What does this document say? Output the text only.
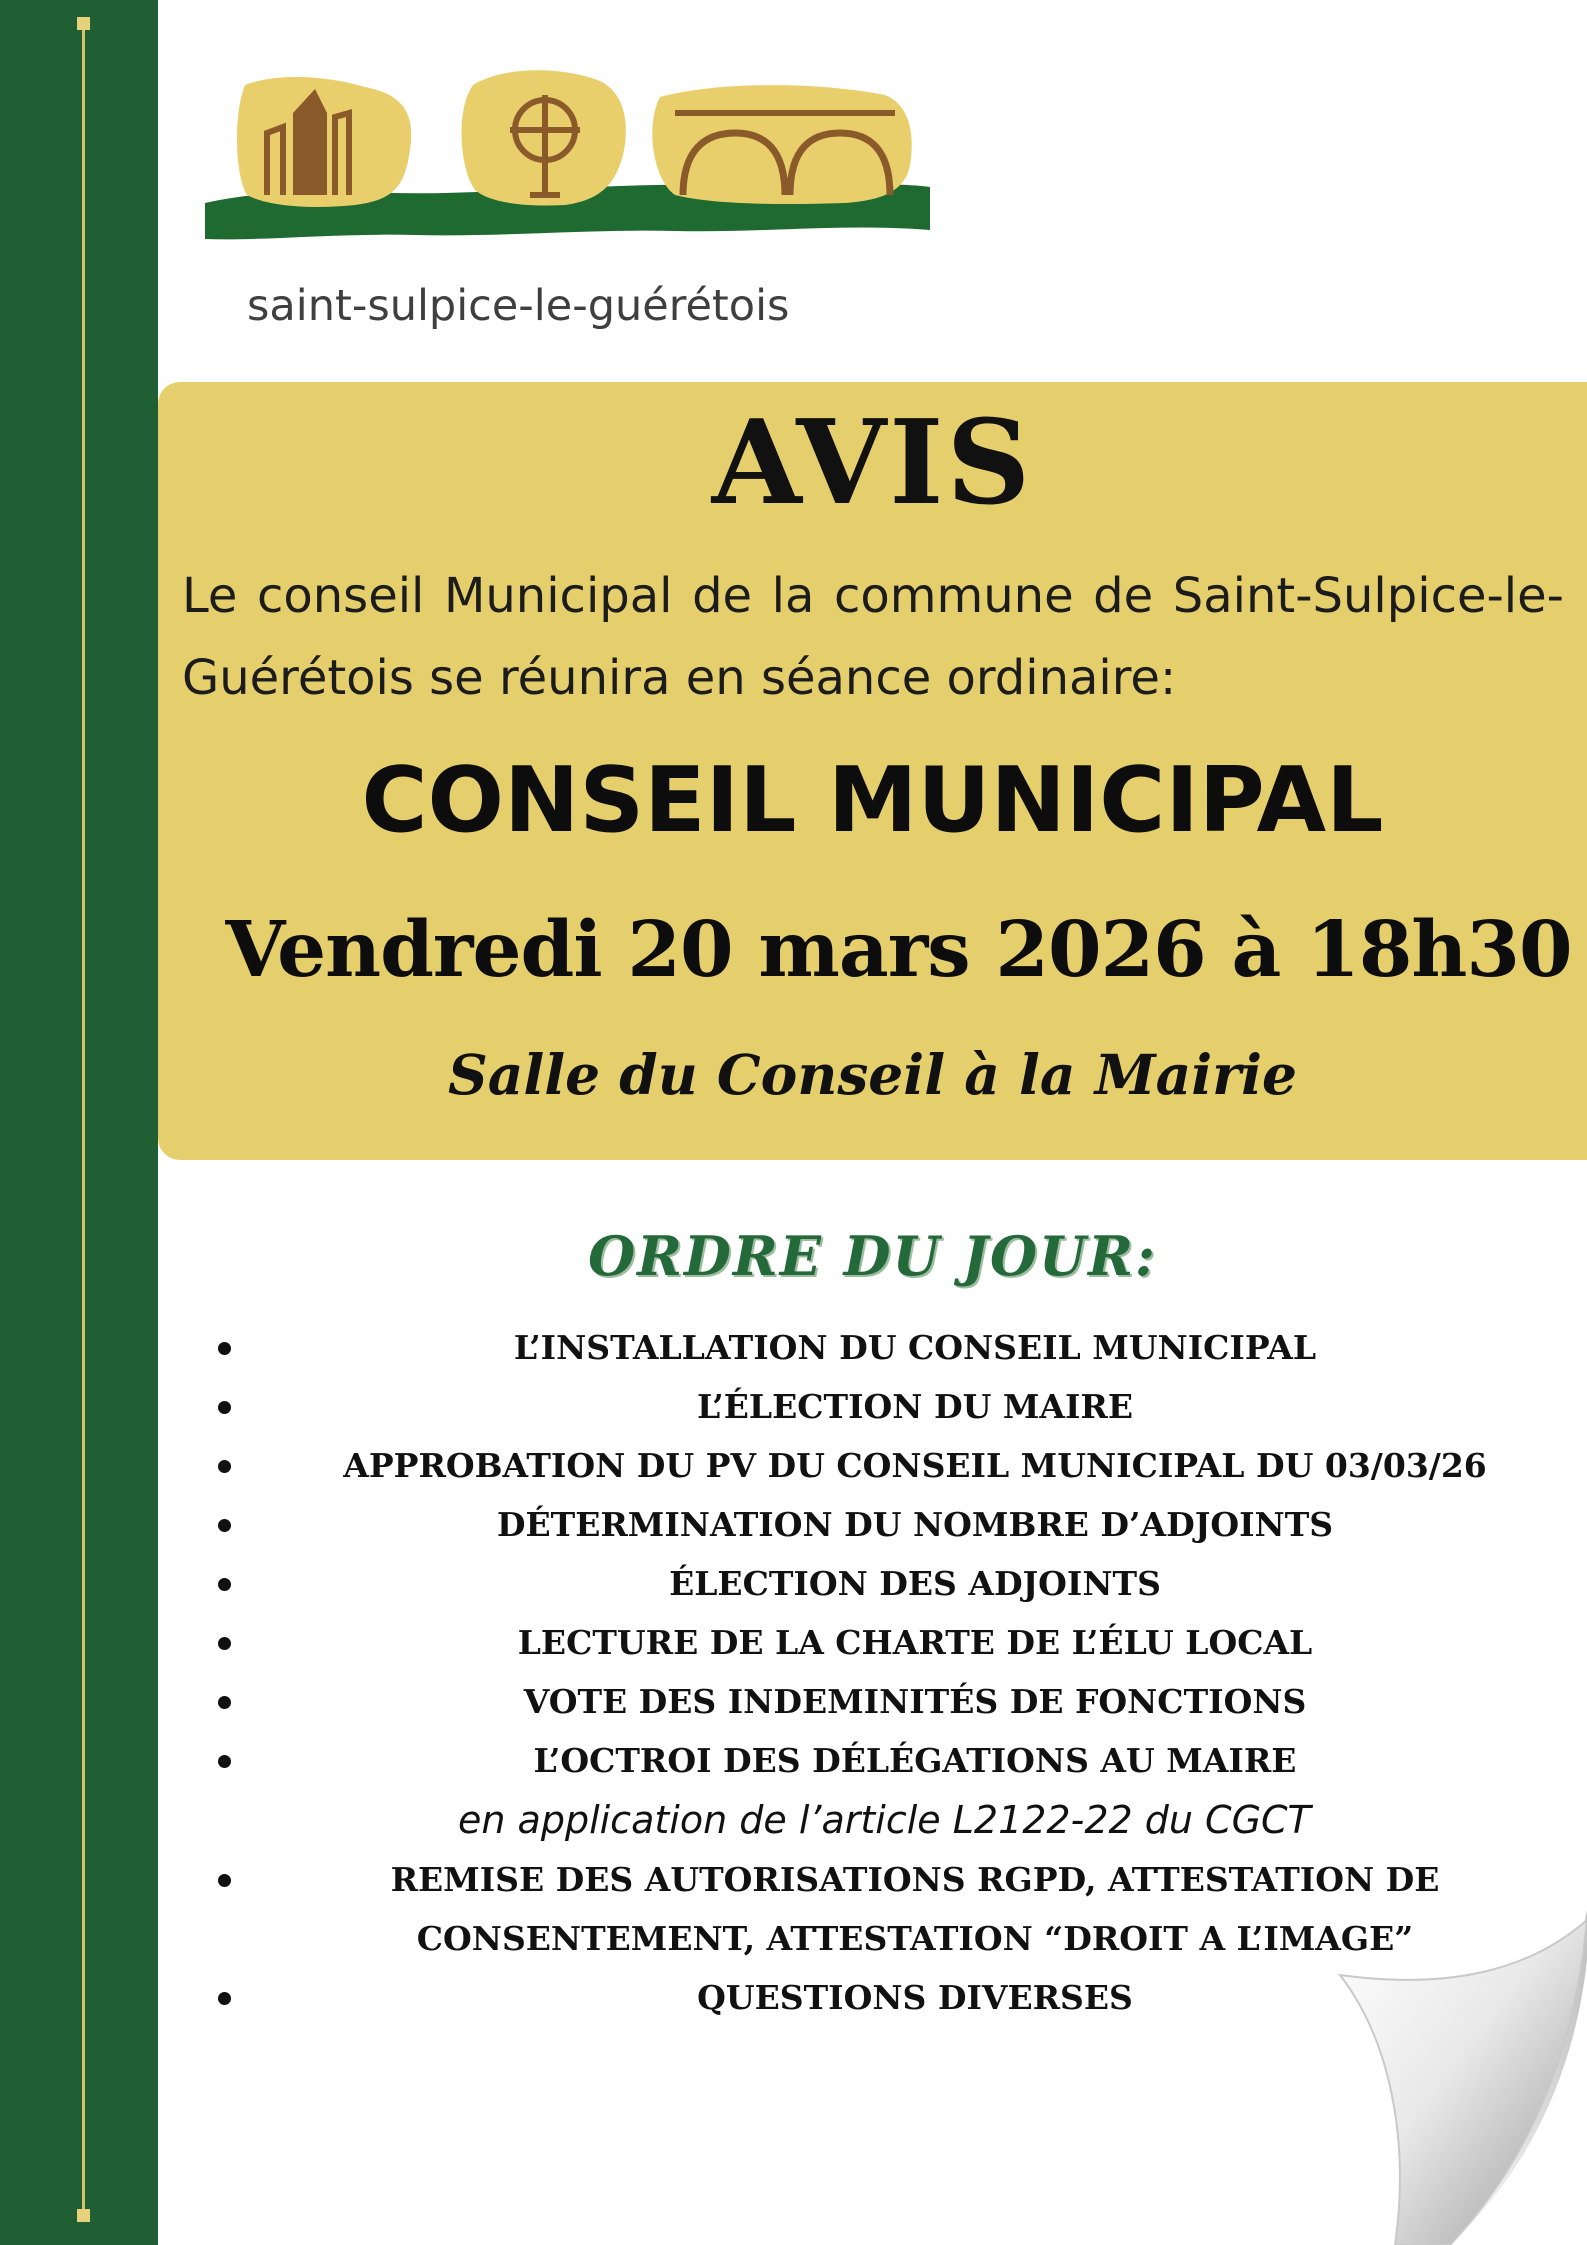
saint-sulpice-le-guérétois
AVIS
Le conseil Municipal de la commune de Saint-Sulpice-le-Guérétois se réunira en séance ordinaire:
CONSEIL MUNICIPAL
Vendredi 20 mars 2026 à 18h30
Salle du Conseil à la Mairie
ORDRE DU JOUR:
L’INSTALLATION DU CONSEIL MUNICIPAL
L’ÉLECTION DU MAIRE
APPROBATION DU PV DU CONSEIL MUNICIPAL DU 03/03/26
DÉTERMINATION DU NOMBRE D’ADJOINTS
ÉLECTION DES ADJOINTS
LECTURE DE LA CHARTE DE L’ÉLU LOCAL
VOTE DES INDEMINITÉS DE FONCTIONS
L’OCTROI DES DÉLÉGATIONS AU MAIRE
en application de l’article L2122-22 du CGCT
REMISE DES AUTORISATIONS RGPD, ATTESTATION DE CONSENTEMENT, ATTESTATION “DROIT A L’IMAGE”
QUESTIONS DIVERSES
